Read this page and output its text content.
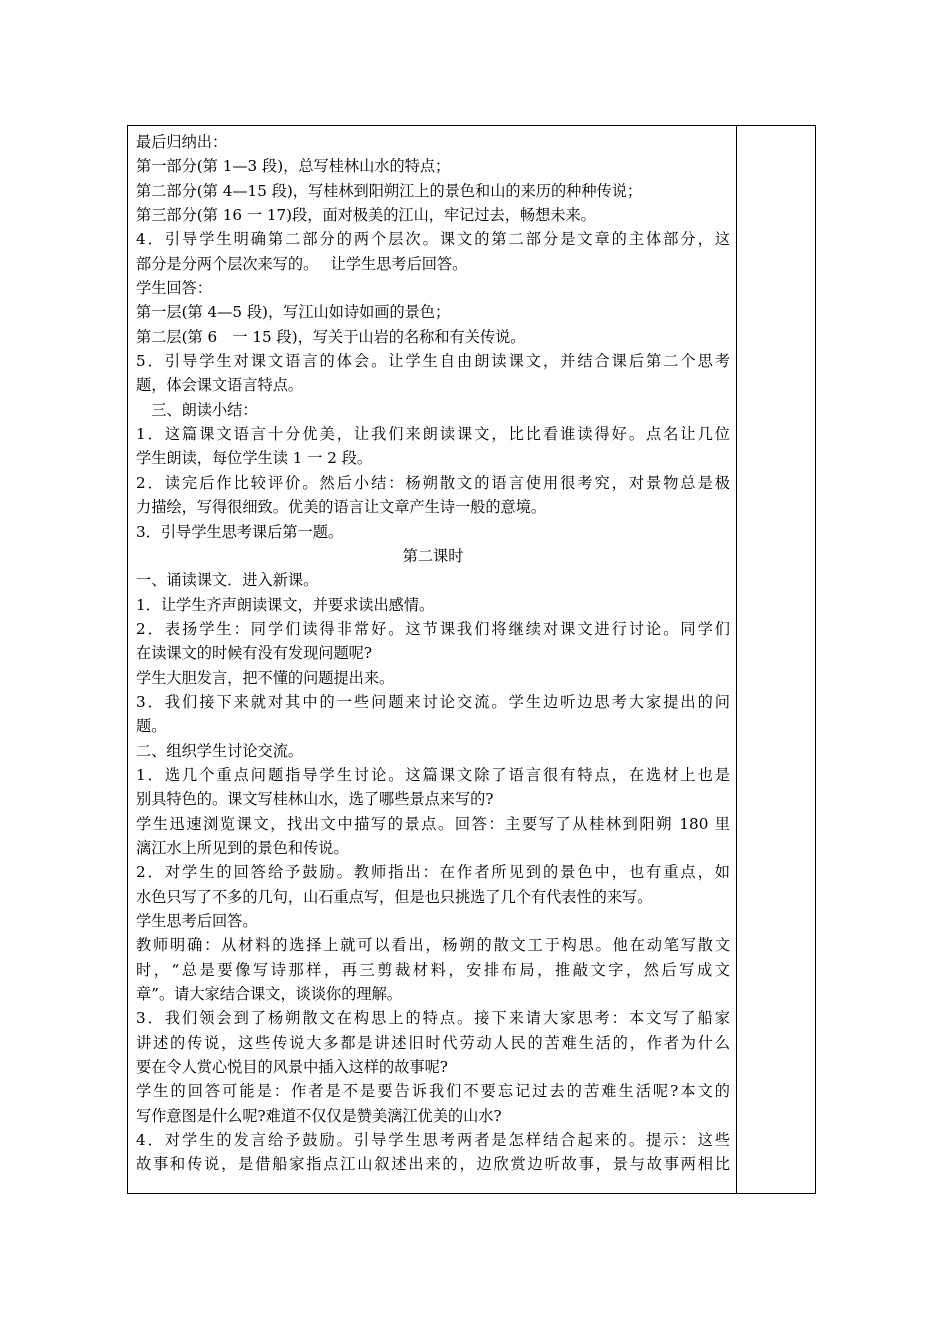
最后归纳出：
第一部分(第 1—3 段)，总写桂林山水的特点；
第二部分(第 4—15 段)，写桂林到阳朔江上的景色和山的来历的种种传说；
第三部分(第 16 一 17)段，面对极美的江山，牢记过去，畅想未来。
4．引导学生明确第二部分的两个层次。课文的第二部分是文章的主体部分，这
部分是分两个层次来写的。　 让学生思考后回答。
学生回答：
第一层(第 4—5 段)，写江山如诗如画的景色；
第二层(第 6　一 15 段)，写关于山岩的名称和有关传说。
5．引导学生对课文语言的体会。让学生自由朗读课文，并结合课后第二个思考
题，体会课文语言特点。
　三、朗读小结：
1．这篇课文语言十分优美，让我们来朗读课文，比比看谁读得好。点名让几位
学生朗读，每位学生读 1 一 2 段。
2．读完后作比较评价。然后小结：杨朔散文的语言使用很考究，对景物总是极
力描绘，写得很细致。优美的语言让文章产生诗一般的意境。
3．引导学生思考课后第一题。
第二课时
一、诵读课文．进入新课。
1．让学生齐声朗读课文，并要求读出感情。
2．表扬学生：同学们读得非常好。这节课我们将继续对课文进行讨论。同学们
在读课文的时候有没有发现问题呢?
学生大胆发言，把不懂的问题提出来。
3．我们接下来就对其中的一些问题来讨论交流。学生边听边思考大家提出的问
题。
二、组织学生讨论交流。
1．选几个重点问题指导学生讨论。这篇课文除了语言很有特点，在选材上也是
别具特色的。课文写桂林山水，选了哪些景点来写的?
学生迅速浏览课文，找出文中描写的景点。回答：主要写了从桂林到阳朔 180 里
漓江水上所见到的景色和传说。
2．对学生的回答给予鼓励。教师指出：在作者所见到的景色中，也有重点，如
水色只写了不多的几句，山石重点写，但是也只挑选了几个有代表性的来写。
学生思考后回答。
教师明确：从材料的选择上就可以看出，杨朔的散文工于构思。他在动笔写散文
时，“总是要像写诗那样，再三剪裁材料，安排布局，推敲文字，然后写成文
章”。请大家结合课文，谈谈你的理解。
3．我们领会到了杨朔散文在构思上的特点。接下来请大家思考：本文写了船家
讲述的传说，这些传说大多都是讲述旧时代劳动人民的苦难生活的，作者为什么
要在令人赏心悦目的风景中插入这样的故事呢?
学生的回答可能是：作者是不是要告诉我们不要忘记过去的苦难生活呢?本文的
写作意图是什么呢?难道不仅仅是赞美漓江优美的山水?
4．对学生的发言给予鼓励。引导学生思考两者是怎样结合起来的。提示：这些
故事和传说，是借船家指点江山叙述出来的，边欣赏边听故事，景与故事两相比
